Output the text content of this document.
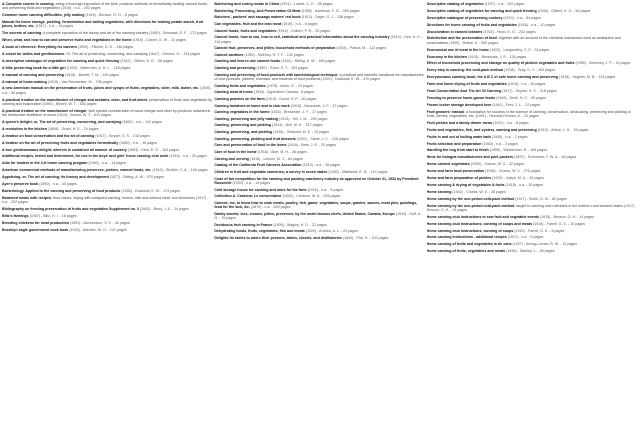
A Complete course in canning: being a thorough exposition of the best, practical methods of hermetically sealing canned foods, and preserving fruits and vegetables (1919) - n.a. - 292 pages
Common home canning difficulties, jelly making (1916) - Benson, O. H. - 8 pages
Manual for home storage, pickling, fermentation and salting vegetables, with directions for making potato starch, fruit juices, butters, etc. (1917) - n.a. - 16 pages
The secrets of canning: A complete exposition of the theory and art of the canning industry (1890) - Schwaab, E. F. - 173 pages
When, what, and how to can and preserve fruits and vegetables in the home (1915) - Carver, G. W. - 10 pages
A book of reference: Everything for canners (1900) - Flitcher, E. D. - 146 pages
A closet for ladies and gentlewomen: Or, The art of preserving, conserving, and candying (1647) - Greene, G. - 134 pages
A descriptive catalogue of vegetables for canning and quick freezing (1942) - Gilbert, H. G. - 58 pages
A little preserving book for a little girl (1920) - Waterman, A. H. L. - 218 pages
A manual of canning and preserving (1918) - Barrett, T. M. - 120 pages
A manual of home-making (1919) - Van Rensselaer, M. - 726 pages
A new American manual on the preservation of fruits, juices and syrups of fruits, vegetables, cider, milk, butter, etc. (1906) - n.a. - 56 pages
A practical treatise on the manufacture of vinegar and acetates, cider, and fruit-wines: preservation of fruits and vegetables by canning and evaporation (1890) - Brannt, W. T. - 534 pages
A practical treatise on the manufacture of vinegar: with special consideration of wood vinegar and other by-products obtained in the destructive distillation of wood (1914) - Brannt, W. T. - 610 pages
A queen's delight; or, The art of preserving, conserving, and candying (1662) - n.a. - 110 pages
A revolution in the kitchen (1859) - Grant, H. S. - 24 pages
A treatise on food conservation and the art of canning (1917) - Snyder, S. S. - 218 pages
A treatise on the art of preserving fruits and vegetables hermetically (1869) - n.a. - 16 pages
A true gentlewomans delight; wherein is contained all manner of cookery (1653) - Kent, E. G. - 162 pages
Additional recipes, tested and determined, for use in the boys' and girls' home canning club work (1916) - n.a. - 20 pages
Aids for leaders in the 4-H home canning program (1940) - n.a. - 14 pages
American commercial methods of manufacturing preserves, pickles, canned foods, etc. (1912) - Shriklin, C. A. - 134 pages
Appetizing, or, The art of canning; its history and development (1877) - Bitting, A. W. - 970 pages
Ayer's preserve book (1890) - n.a. - 40 pages
Bacteriology. Applied to the canning and preserving of food products (1906) - Duckwall, E. W. - 174 pages
Balanced meals with recipes: food values, drying with collapsed canning, menus, with and without meat, box luncheons (1917) - n.a. - 202 pages
Bibliography on freezing preservation of fruits and vegetables Supplement no. 2 (1942) - Berry, J. A. - 14 pages
Blitz's farmings (1907) - Blitz, H. I. - 16 pages
Breeding chickens for meat production (1951) - Asmundson, V. S. - 40 pages
Brooklyn eagle government cook book (1918) - Allender, W. O. - 122 pages
Butchering and curing meats in China (1921) - Lowrie, C. D. - 55 pages
Butchering, Processing, And Preservation Of Meat (1955) - Ashbrook, F. G. - 309 pages
Butchers', packers' and sausage makers' red book (1913) - Sayer, G. J. - 138 pages
Can vegetables, fruit and the lean meat (1919) - n.a. - 8 pages
Canned foods; fruits and vegetables (1913) - Colbert, P. R. - 20 pages
Canned foods; how to can, how to sell, statistical and practical information about the canning industry (1914) - Gee, A. H. - 216 pages
Canned fruit, preserves, and jellies; household methods of preparation (1904) - Parloa, M. - 112 pages
Canned sardines (1950) - McElroy, R. T. F. - 130 pages
Canning and how to use canned foods (1916) - Bitting, A. W. - 160 pages
Canning and preserving (1887) - Rorer, S. T. - 104 pages
Canning and preserving of food products with bacteriological technique: a practical and scientific handbook for manufacturers of food products, jobbers, chemists, and students of food problems (1920) - Duckwall, E. W. - 470 pages
Canning fruits and vegetables (1975) - Acker, G. - 24 pages
Canning meat at home (1934) - Agriculture Canada - 8 pages
Canning peaches on the farm (1910) - Gould, H. P. - 40 pages
Canning tomatoes at home and in club work (1915) - Breazeale, J. F. - 37 pages
Canning vegetables in the home (1916) - Breazeale, J. F. - 17 pages
Canning, preserving and jelly making (1913) - Hill, J. M. - 202 pages
Canning, preserving and pickling (1914) - Neil, M. H. - 317 pages
Canning, preserving, and pickling (1918) - Griswold, M. E. - 19 pages
Canning, preserving, pickling and fruit desserts (1921) - Slade, J. C. - 216 pages
Care and preservation of food in the home (1916) - Bear, J. R. - 20 pages
Care of food in the home (1916) - Abel, M. H. - 46 pages
Carving and serving (1915) - Lincoln, M. J. - 64 pages
Catalog of the California Fruit Canners Association (1913) - n.a. - 36 pages
Children in fruit and vegetable canneries; a survey in seven states (1930) - Matthews, E. N. - 147 pages
Code of fair competition for the canning and packing machinery industry as approved on October 31, 1933 by President Roosevelt (1933) - n.a. - 14 pages
Cold storage house for canning and more for the farm (1915) - n.a. - 5 pages
Collection A. Cardona; Le conservateur (1842) - Cardone, M. A. - 516 pages
Canned, me, to know how to cook meats, poultry, fish, game; vegetables, soups, gravies, sauces, meat pies, puddings, food for the sick, &c. (1870) - n.a. - 400 pages
Dainty sweets; ices, creams, jellies, preserves; by the world famous chefs, United States, Canada, Europe (1910) - Hoff, A. G. - 76 pages
Deciduous fruit canning in France (1909) - Wagley, H. D. - 22 pages
Dehydrating foods, fruits, vegetables, fish and meats (1920) - Andrea, A. L. - 24 pages
Delights for ladies to adorn their persons, tables, closets, and distillatories (1644) - Plat, H. - 102 pages
Descriptive catalog of vegetables (1937) - n.a. - 102 pages
Descriptive catalog of vegetables for canning and quick freezing (1940) - Gilbert, H. G. - 54 pages
Descriptive catalogue of preserving cookery (1919) - n.a. - 54 pages
Directions for home canning of fruits and vegetables (1916) - n.a. - 10 pages
Discoloration in canned lobsters (1922) - Hood, E. G. - 252 pages
Disinfection and the preservation of food: together with an account of the chemical substances used as antiseptics and preservatives (1900) - Rideal, S. - 502 pages
Economical use of meat in the home (1922) - Langworthy, C. F. - 31 pages
Economy in the kitchen (1919) - Breazeale, J. F. - 134 pages
Effect of household processing and storage on quality of pickled vegetables and fruits (1955) - Sweeney, J. P. - 10 pages
Every step in canning: the cold-pack method (1918) - Gray, G. V. - 264 pages
Everywomans canning book; the A B C of safe home canning and preserving (1918) - Hughes, M. B. - 124 pages
Farm and home drying of fruits and vegetables (1918) - n.a. - 40 pages
Food Conservation And The Art Of Canning (1917) - Snyder, S. S. - 218 pages
Freezing to preserve home-grown foods (1949) - Diehl, H. C. - 60 pages
Frozen locker storage developed here (1941) - Ferd, J. L. - 12 pages
Fruit growers' manual: a foundation for success in the science of canning, conservation, desiccating, preserving and pickling of fruits, berries, vegetables, etc. (1901) - Hemlow-Hinman, A. - 32 pages
Fruit pickles and a family dinner menu (1912) - n.a. - 8 pages
Fruits and vegetables, fish, and oysters, canning and preserving (1912) - Arthur, L. H. - 25 pages
Fruits in and out of boiling water bath (1940) - n.a. - 2 pages
Fruits selection and preparation (1940) - n.a. - 2 pages
Handling the hog from start to finish (1950) - Westerman, B. - 166 pages
Hints for bologna manufacturers and pork packers (1897) - Schroeder, F. W. A. - 48 pages
Home canned vegetables (1939) - Owens, W. V. - 32 pages
Home and farm food preservation (1918) - Cruess, W. V. - 276 pages
Home and farm preparation of pickles (1929) - Joslyn, M. A. - 30 pages
Home canning & drying of vegetables & fruits (1918) - n.a. - 30 pages
Home canning (1942) - Cruess, W. V. - 48 pages
Home canning by the one-period cold-pack method (1917) - Smith, G. M. - 60 pages
Home canning by the one-period cold-pack method: taught to canning club members in the northern and western states (1917) - Benson, O. H. - 24 pages
Home canning club instructions to sew fruit and vegetable events (1915) - Benson, O. H. - 14 pages
Home canning club instructions; canning of soups and meats (1916) - Farrell, G. E. - 10 pages
Home canning club instructions; canning of soups (1915) - Farrell, G. E. - 6 pages
Home canning instructions - additional recipes (1917) - n.a. - 6 pages
Home canning of fruits and vegetables in tin cans (1927) - Arengo-Jones, R. W. - 12 pages
Home canning of fruits, vegetables and meats (1936) - Stanley, L. - 46 pages
